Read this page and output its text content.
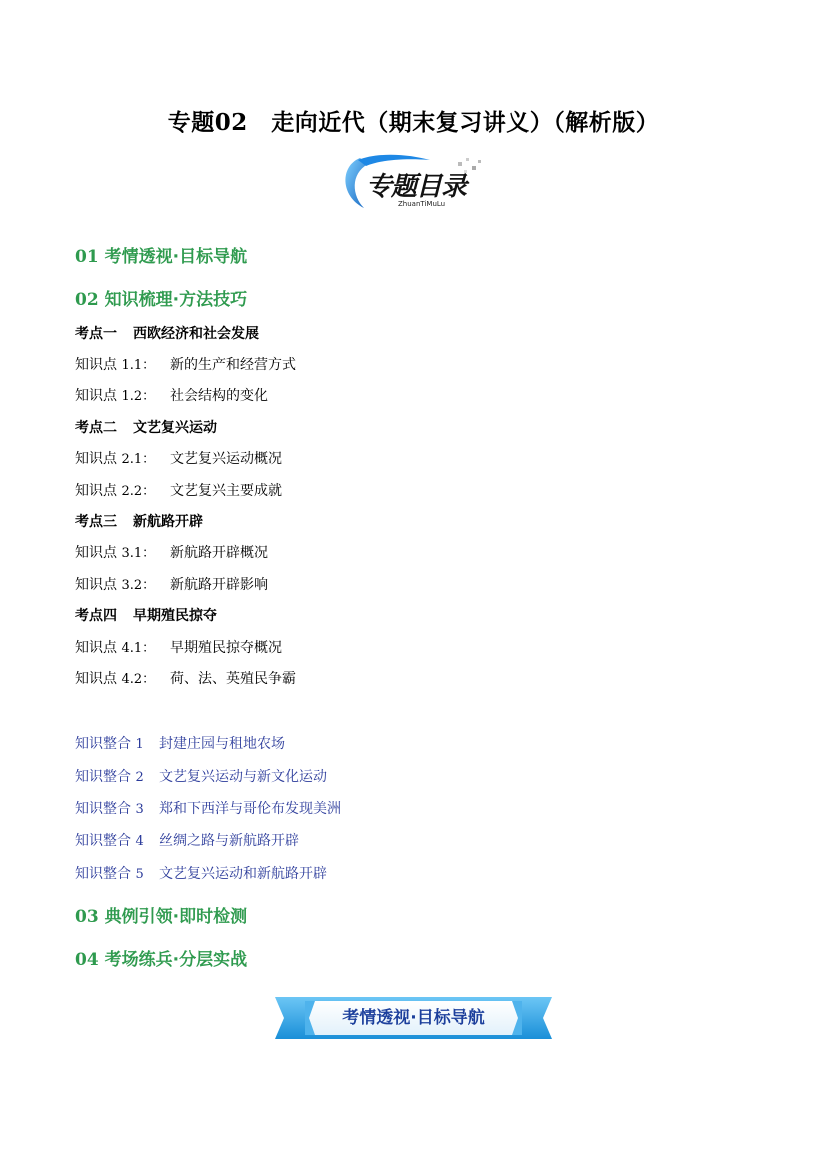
专题02　走向近代（期末复习讲义）（解析版）
专题目录
ZhuanTiMuLu
01 考情透视·目标导航
02 知识梳理·方法技巧
考点一 西欧经济和社会发展
知识点 1.1： 新的生产和经营方式
知识点 1.2： 社会结构的变化
考点二 文艺复兴运动
知识点 2.1： 文艺复兴运动概况
知识点 2.2： 文艺复兴主要成就
考点三 新航路开辟
知识点 3.1： 新航路开辟概况
知识点 3.2： 新航路开辟影响
考点四 早期殖民掠夺
知识点 4.1： 早期殖民掠夺概况
知识点 4.2： 荷、法、英殖民争霸
知识整合 1 封建庄园与租地农场
知识整合 2 文艺复兴运动与新文化运动
知识整合 3 郑和下西洋与哥伦布发现美洲
知识整合 4 丝绸之路与新航路开辟
知识整合 5 文艺复兴运动和新航路开辟
03 典例引领·即时检测
04 考场练兵·分层实战
考情透视·目标导航
